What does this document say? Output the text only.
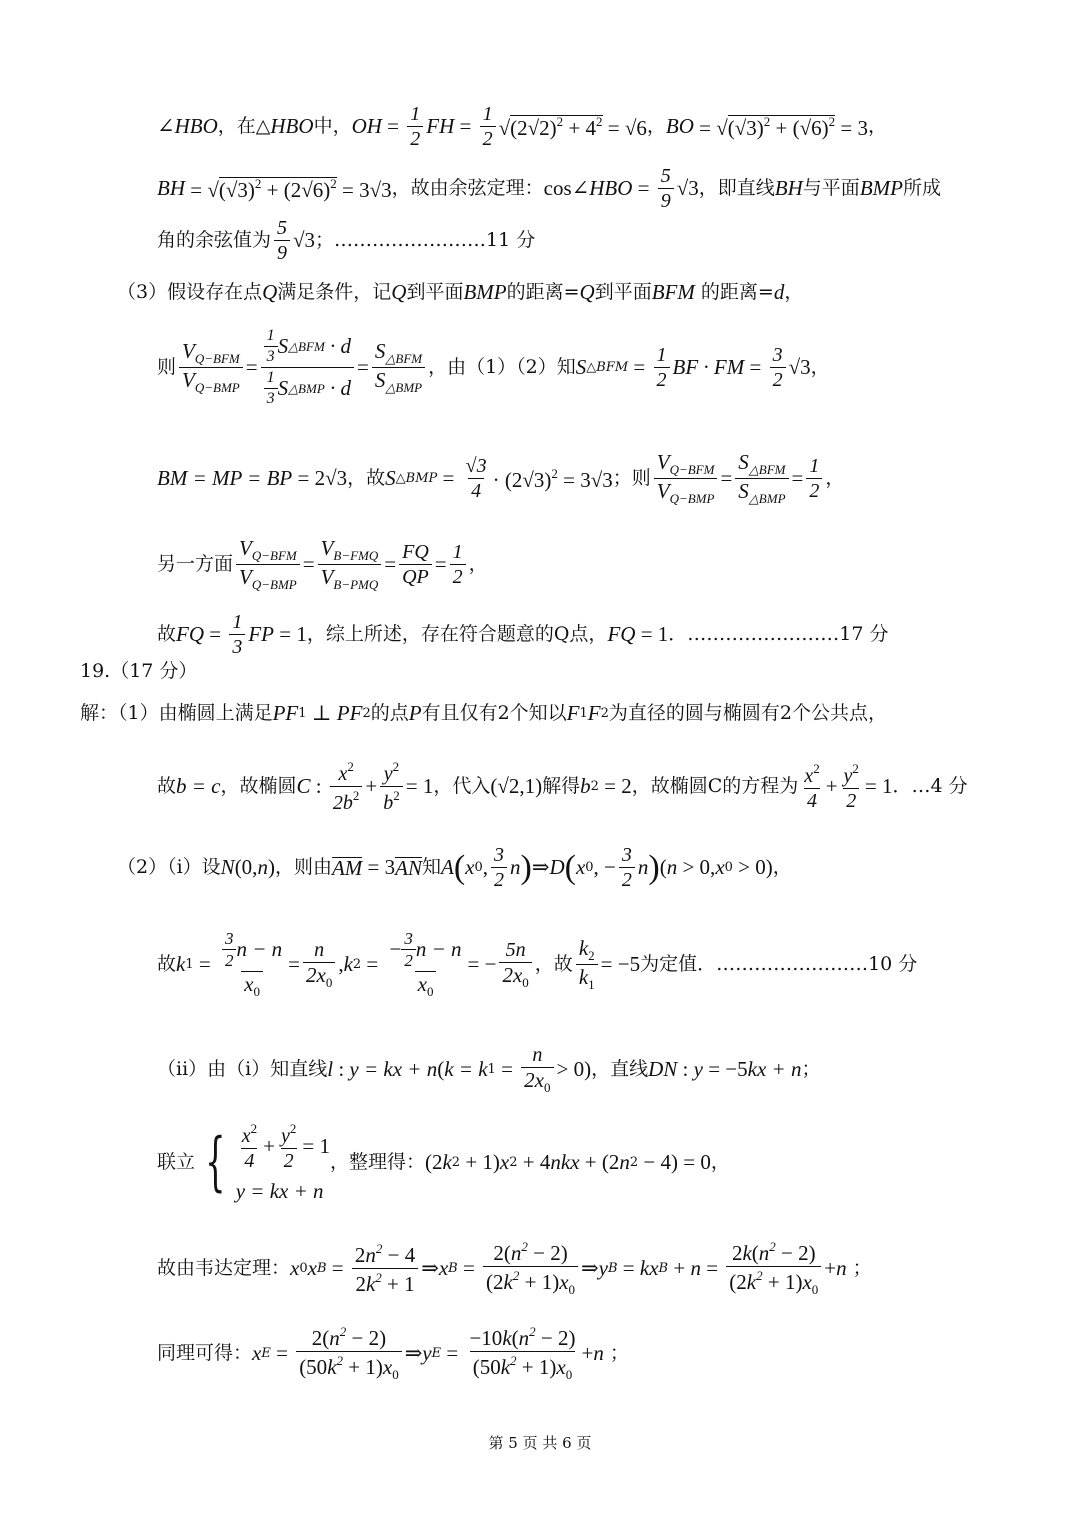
∠HBO ，在△ HBO 中， OH = $\frac{1}{2}$ FH = $\frac{1}{2} √(2√2)^2 + 4^2 = √6$ ， BO = $√(√3)^2 + (√6)^2 = 3$ ，
BH = $√(√3)^2 + (2√6)^2 = 3√3$ ，故由余弦定理： cos ∠HBO = $\frac{5}{9} √3$ ，即直线 BH 与平面 BMP 所成
角的余弦值为 $\frac{5}{9} √3$ ；……………………11 分
（3）假设存在点 Q 满足条件，记 Q 到平面 BMP 的距离= Q 到平面 BFM 的距离= d ，
则 $\frac{V_{Q-BFM}}{V_{Q-BMP}} = \frac{\frac{1}{3} S \triangle BFM \cdot d}{\frac{1}{3} S \triangle BMP \cdot d} = \frac{S_{\triangle BFM}}{S_{\triangle BMP}}$ ，由（1）（2）知 S △BFM = $\frac{1}{2}$ BF · FM = $\frac{3}{2} √3$ ，
BM = MP = BP = 2√3 ，故 S △BMP = $\frac{√3}{4} \cdot (2√3)^2 = 3√3$ ；则 $\frac{V_{Q-BFM}}{V_{Q-BMP}} = \frac{S_{\triangle BFM}}{S_{\triangle BMP}} = \frac{1}{2}$ ，
另一方面 $\frac{V_{Q-BFM}}{V_{Q-BMP}} = \frac{V_{B-FMQ}}{V_{B-PMQ}} = \frac{FQ}{QP} = \frac{1}{2}$ ，
故 FQ = $\frac{1}{3}$ FP = 1 ，综上所述，存在符合题意的Q点， FQ = 1 ．……………………17 分
19.（17 分）
解：（1）由椭圆上满足 PF 1 ⊥ PF 2 的点 P 有且仅有2个知以 F 1 F 2 为直径的圆与椭圆有2个公共点，
故 b = c ，故椭圆 C : $\frac{x^2}{2b^2} + \frac{y^2}{b^2} = 1$ ，代入 (√2,1) 解得 b 2 = 2 ，故椭圆C的方程为 $\frac{x^2}{4} + \frac{y^2}{2} = 1$ ．…4 分
（2）（i）设 N (0, n ) ，则由 AM = 3 AN 知 A ( x 0 , $\frac{3}{2}$ n ) ⇒ D ( x 0 , − $\frac{3}{2}$ n ) ( n > 0, x 0 > 0) ，
故 k $1 = \frac{\frac{3}{2} n - n}{x_0} = \frac{n}{2x_0}$ , k $2 = \frac{- \frac{3}{2} n - n}{x_0}$ = − $\frac{5n}{2x_0}$ ，故 $\frac{k_2}{k_1} = -5$ 为定值．……………………10 分
（ii）由（i）知直线 l : y = kx + n ( k = k $1 = \frac{n}{2x_0} > 0$) ，直线 DN : y = −5 kx + n ；
联立 { $\frac{x^2}{4} + \frac{y^2}{2} = 1$
y = kx + n
，整理得： (2 k 2 + 1) x 2 + 4 nkx + (2 n 2 − 4) = 0 ，
故由韦达定理： x 0 x $B = \frac{2n^2 - 4}{2k^2 + 1}$ ⇒ x $B = \frac{2(n^2 - 2)}{(2k^2 + 1)x_0}$ ⇒ y B = kx $B + n = \frac{2k(n^2 - 2)}{(2k^2 + 1)x_0} + n$ ；
同理可得： x $E = \frac{2(n^2 - 2)}{(50k^2 + 1)x_0}$ ⇒ y $E = \frac{-10k(n^2 - 2)}{(50k^2 + 1)x_0} + n$ ；
第 5 页 共 6 页
